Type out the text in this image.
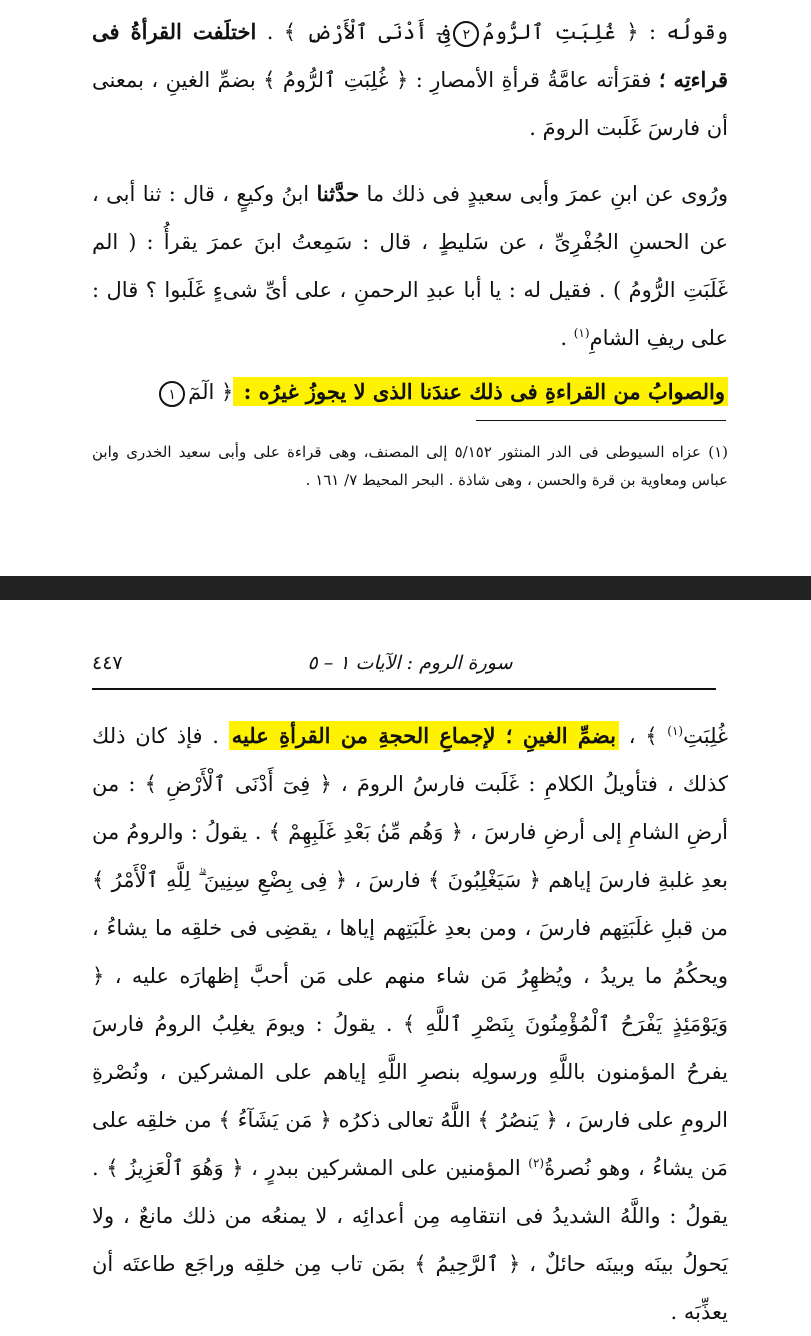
وقولُه : ﴿ غُلِبَتِ ٱلرُّومُ٢فِىٓ أَدْنَى ٱلْأَرْضِ ﴾ . اختلَفت القرأةُ فى قراءتِه ؛ فقرَأته عامَّةُ قرأةِ الأمصارِ : ﴿ غُلِبَتِ ٱلرُّومُ ﴾ بضمِّ الغينِ ، بمعنى أن فارسَ غَلَبت الرومَ .

ورُوى عن ابنِ عمرَ وأبى سعيدٍ فى ذلك ما حدَّثنا ابنُ وكيعٍ ، قال : ثنا أبى ، عن الحسنِ الجُفْرِىِّ ، عن سَليطٍ ، قال : سَمِعتُ ابنَ عمرَ يقرأُ : ( الم غَلَبَتِ الرُّومُ ) . فقيل له : يا أبا عبدِ الرحمنِ ، على أىِّ شىءٍ غَلَبوا ؟ قال : على ريفِ الشامِ$^{(١)}$ .

والصوابُ من القراءةِ فى ذلك عندَنا الذى لا يجوزُ غيرُه : ﴿ الٓمٓ١

(١) عزاه السيوطى فى الدر المنثور ٥/١٥٢ إلى المصنف، وهى قراءة على وأبى سعيد الخدرى وابن عباس ومعاوية بن قرة والحسن ، وهى شاذة . البحر المحيط ٧/ ١٦١ .
سورة الروم : الآيات ١ – ٥
٤٤٧

غُلِبَتِ$^{(١)}$ ﴾ ، بضمِّ الغينِ ؛ لإجماعِ الحجةِ من القرأةِ عليه . فإذ كان ذلك كذلك ، فتأويلُ الكلامِ : غَلَبت فارسُ الرومَ ، ﴿ فِىٓ أَدْنَى ٱلْأَرْضِ ﴾ : من أرضِ الشامِ إلى أرضِ فارسَ ، ﴿ وَهُم مِّنۢ بَعْدِ غَلَبِهِمْ ﴾ . يقولُ : والرومُ من بعدِ غلبةِ فارسَ إياهم ﴿ سَيَغْلِبُونَ ﴾ فارسَ ، ﴿ فِى بِضْعِ سِنِينَ ۗ لِلَّهِ ٱلْأَمْرُ ﴾ من قبلِ غلَبَتِهم فارسَ ، ومن بعدِ غلَبَتِهم إياها ، يقضِى فى خلقِه ما يشاءُ ، ويحكُمُ ما يريدُ ، ويُظهِرُ مَن شاء منهم على مَن أحبَّ إظهارَه عليه ، ﴿ وَيَوْمَئِذٍ يَفْرَحُ ٱلْمُؤْمِنُونَ بِنَصْرِ ٱللَّهِ ﴾ . يقولُ : ويومَ يغلِبُ الرومُ فارسَ يفرحُ المؤمنون باللَّهِ ورسولِه بنصرِ اللَّهِ إياهم على المشركين ، ونُصْرةِ الرومِ على فارسَ ، ﴿ يَنصُرُ ﴾ اللَّهُ تعالى ذكرُه ﴿ مَن يَشَآءُ ﴾ من خلقِه على مَن يشاءُ ، وهو نُصرةُ$^{(٢)}$ المؤمنين على المشركين ببدرٍ ، ﴿ وَهُوَ ٱلْعَزِيزُ ﴾ . يقولُ : واللَّهُ الشديدُ فى انتقامِه مِن أعدائِه ، لا يمنعُه من ذلك مانعٌ ، ولا يَحولُ بينَه وبينَه حائلٌ ، ﴿ ٱلرَّحِيمُ ﴾ بمَن تاب مِن خلقِه وراجَع طاعتَه أن يعذِّبَه .
